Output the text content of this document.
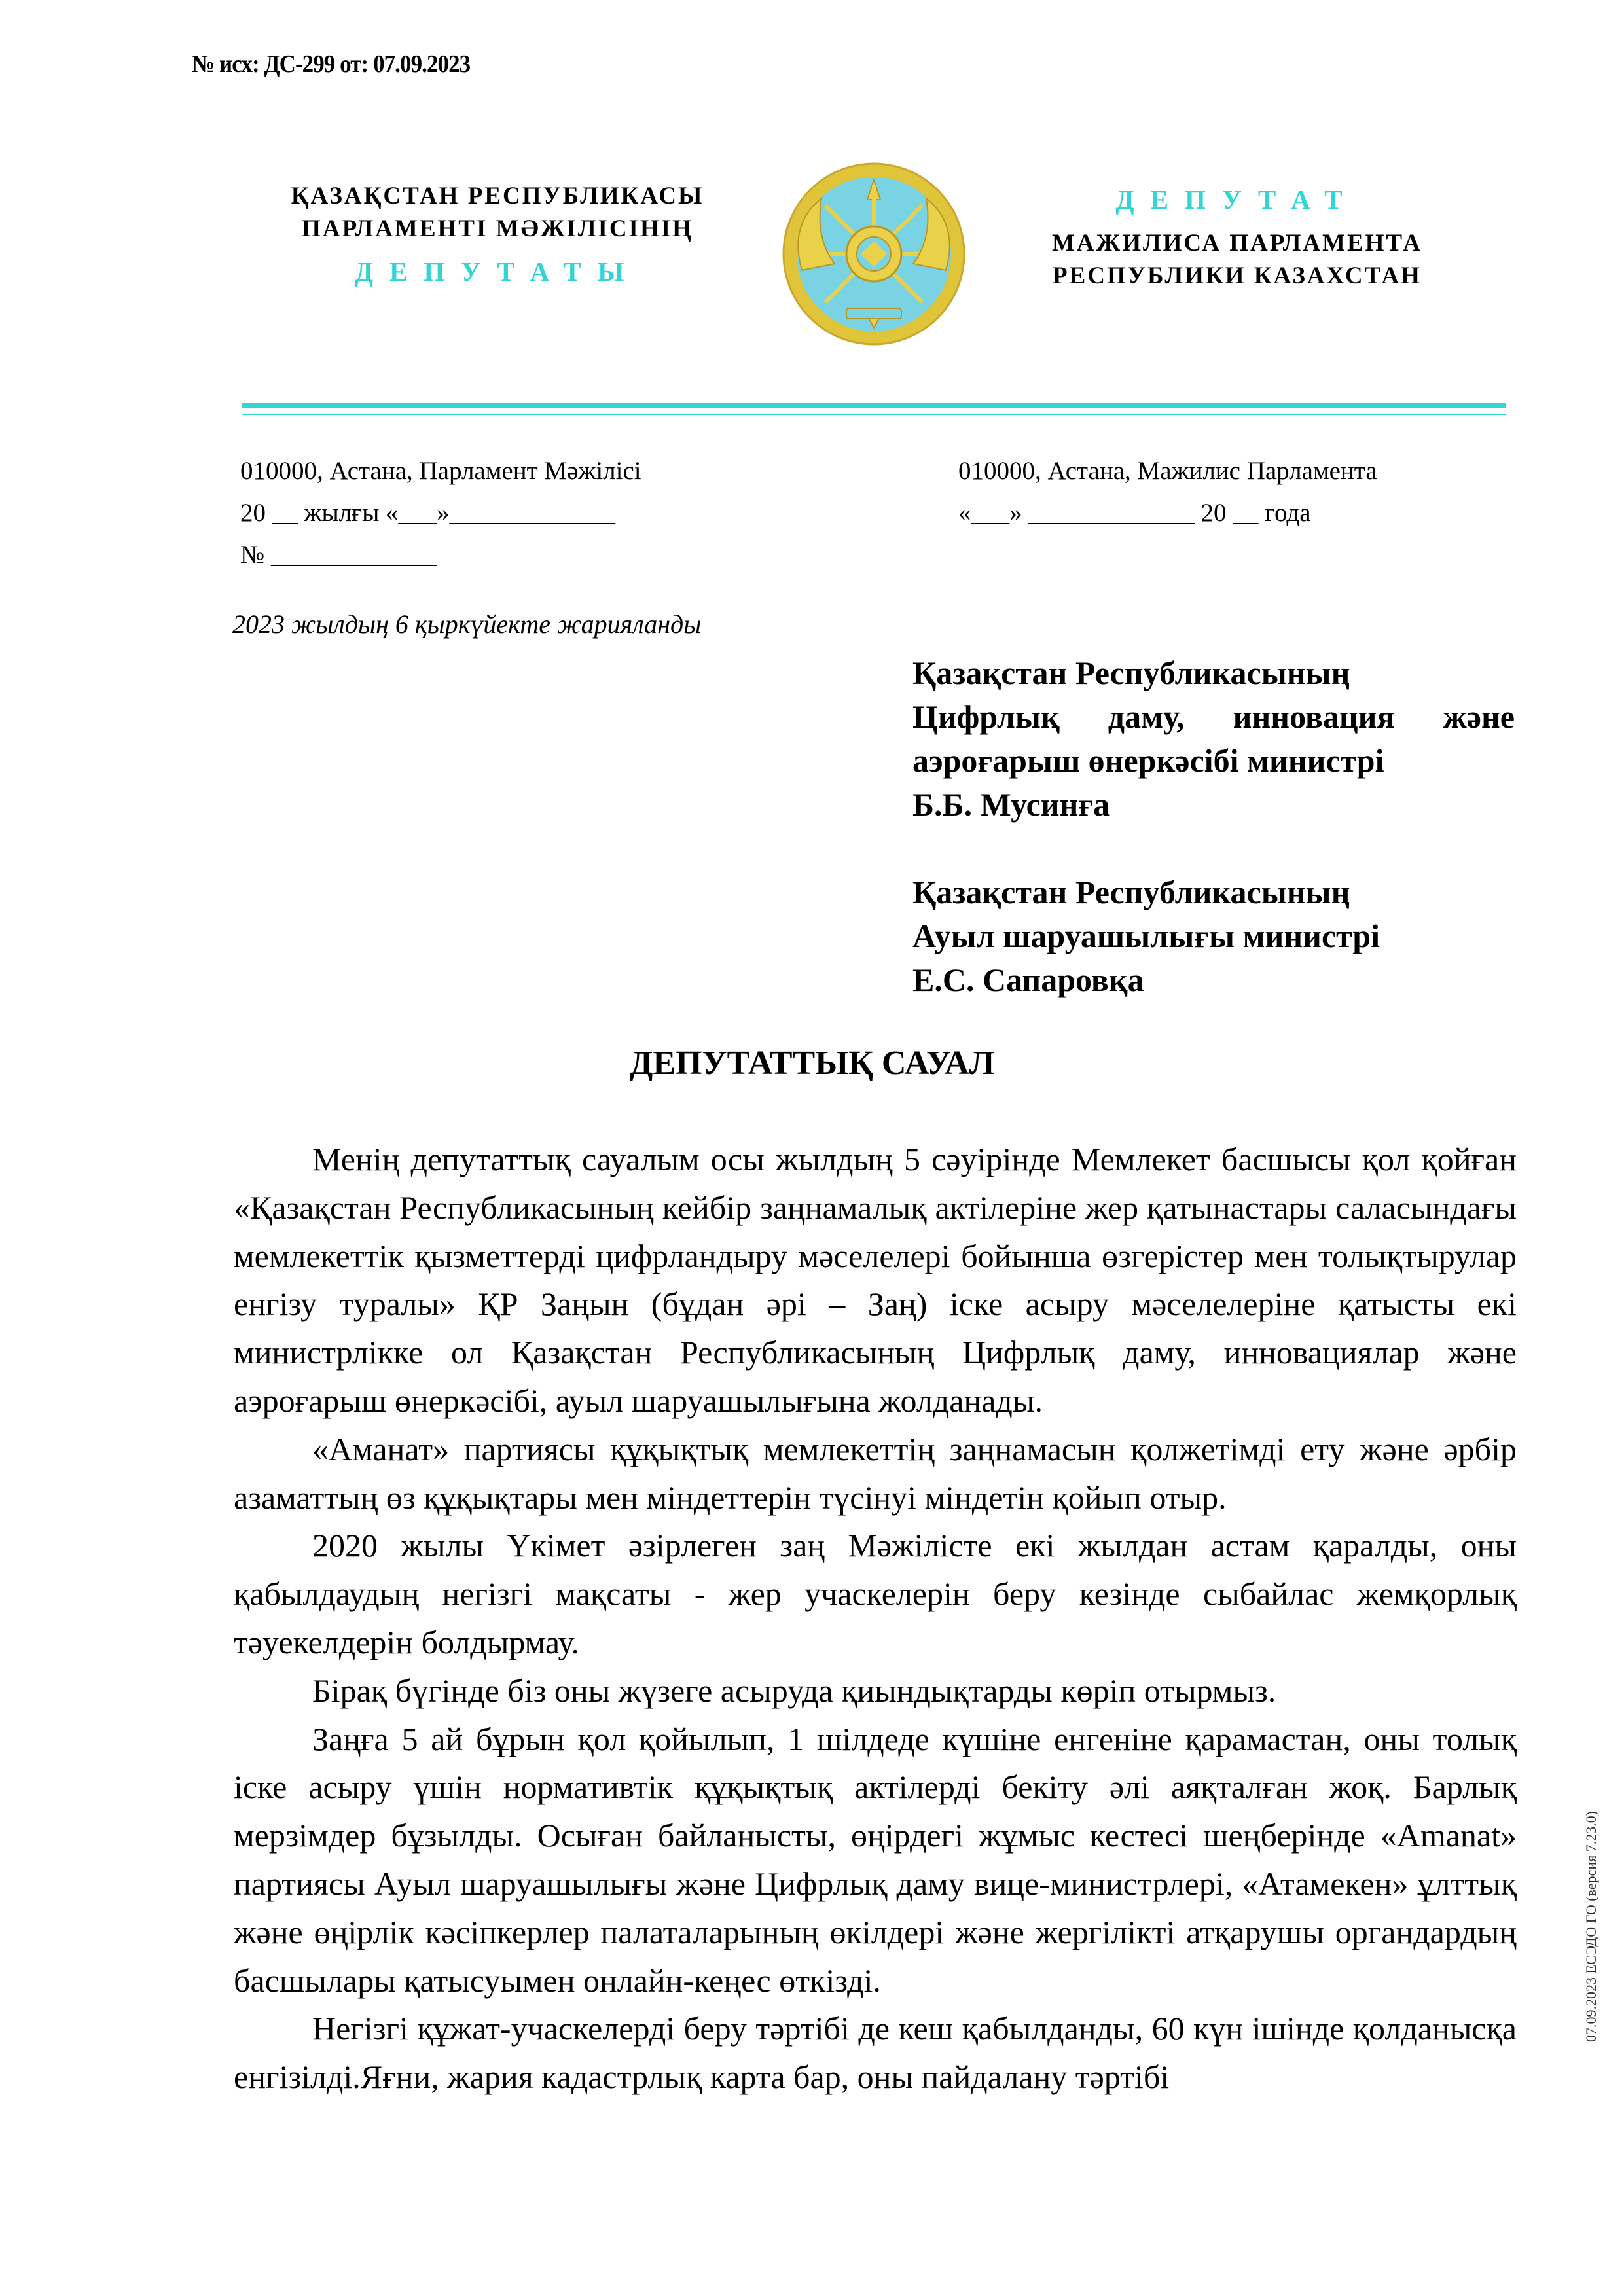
№ исх: ДС-299 от: 07.09.2023
ҚАЗАҚСТАН РЕСПУБЛИКАСЫ
ПАРЛАМЕНТІ МӘЖІЛІСІНІҢ
ДЕПУТАТЫ
ДЕПУТАТ
МАЖИЛИСА ПАРЛАМЕНТА
РЕСПУБЛИКИ КАЗАХСТАН
010000, Астана, Парламент Мәжілісі
20 __ жылғы «___»_____________
№ _____________
010000, Астана, Мажилис Парламента
«___» _____________ 20 __ года
2023 жылдың 6 қыркүйекте жарияланды
Қазақстан Республикасының
Цифрлық даму, инновация және
аэроғарыш өнеркәсібі министрі
Б.Б. Мусинға
Қазақстан Республикасының
Ауыл шаруашылығы министрі
Е.С. Сапаровқа
ДЕПУТАТТЫҚ САУАЛ

Менің депутаттық сауалым осы жылдың 5 сәуірінде Мемлекет басшысы қол қойған «Қазақстан Республикасының кейбір заңнамалық актілеріне жер қатынастары саласындағы мемлекеттік қызметтерді цифрландыру мәселелері бойынша өзгерістер мен толықтырулар енгізу туралы» ҚР Заңын (бұдан әрі – Заң) іске асыру мәселелеріне қатысты екі министрлікке ол Қазақстан Республикасының Цифрлық даму, инновациялар және аэроғарыш өнеркәсібі, ауыл шаруашылығына жолданады.

«Аманат» партиясы құқықтық мемлекеттің заңнамасын қолжетімді ету және әрбір азаматтың өз құқықтары мен міндеттерін түсінуі міндетін қойып отыр.

2020 жылы Үкімет әзірлеген заң Мәжілісте екі жылдан астам қаралды, оны қабылдаудың негізгі мақсаты - жер учаскелерін беру кезінде сыбайлас жемқорлық тәуекелдерін болдырмау.

Бірақ бүгінде біз оны жүзеге асыруда қиындықтарды көріп отырмыз.

Заңға 5 ай бұрын қол қойылып, 1 шілдеде күшіне енгеніне қарамастан, оны толық іске асыру үшін нормативтік құқықтық актілерді бекіту әлі аяқталған жоқ. Барлық мерзімдер бұзылды. Осыған байланысты, өңірдегі жұмыс кестесі шеңберінде «Amanat» партиясы Ауыл шаруашылығы және Цифрлық даму вице-министрлері, «Атамекен» ұлттық және өңірлік кәсіпкерлер палаталарының өкілдері және жергілікті атқарушы органдардың басшылары қатысуымен онлайн-кеңес өткізді.

Негізгі құжат-учаскелерді беру тәртібі де кеш қабылданды, 60 күн ішінде қолданысқа енгізілді.Яғни, жария кадастрлық карта бар, оны пайдалану тәртібі

07.09.2023 ЕСЭДО ГО (версия 7.23.0)
